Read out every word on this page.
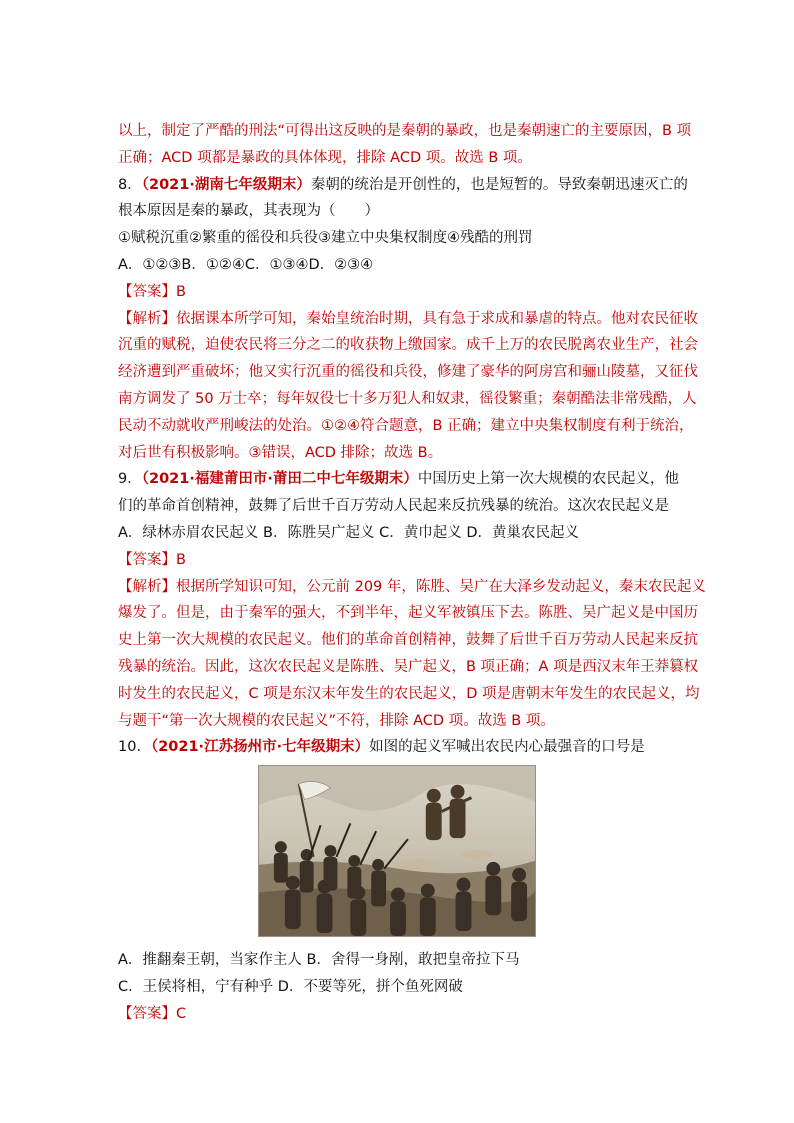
以上，制定了严酷的刑法“可得出这反映的是秦朝的暴政，也是秦朝速亡的主要原因，B 项
正确；ACD 项都是暴政的具体体现，排除 ACD 项。故选 B 项。
8．（2021·湖南七年级期末）秦朝的统治是开创性的，也是短暂的。导致秦朝迅速灭亡的
根本原因是秦的暴政，其表现为（　　）
①赋税沉重②繁重的徭役和兵役③建立中央集权制度④残酷的刑罚
A．①②③B．①②④C．①③④D．②③④
【答案】B
【解析】依据课本所学可知，秦始皇统治时期，具有急于求成和暴虐的特点。他对农民征收
沉重的赋税，迫使农民将三分之二的收获物上缴国家。成千上万的农民脱离农业生产，社会
经济遭到严重破坏；他又实行沉重的徭役和兵役，修建了豪华的阿房宫和骊山陵墓，又征伐
南方调发了 50 万士卒；每年奴役七十多万犯人和奴隶，徭役繁重；秦朝酷法非常残酷，人
民动不动就收严刑峻法的处治。①②④符合题意，B 正确；建立中央集权制度有利于统治，
对后世有积极影响。③错误，ACD 排除；故选 B。
9．（2021·福建莆田市·莆田二中七年级期末）中国历史上第一次大规模的农民起义，他
们的革命首创精神，鼓舞了后世千百万劳动人民起来反抗残暴的统治。这次农民起义是
A．绿林赤眉农民起义 B．陈胜吴广起义 C．黄巾起义 D．黄巢农民起义
【答案】B
【解析】根据所学知识可知，公元前 209 年，陈胜、吴广在大泽乡发动起义，秦末农民起义
爆发了。但是，由于秦军的强大，不到半年，起义军被镇压下去。陈胜、吴广起义是中国历
史上第一次大规模的农民起义。他们的革命首创精神，鼓舞了后世千百万劳动人民起来反抗
残暴的统治。因此，这次农民起义是陈胜、吴广起义，B 项正确；A 项是西汉末年王莽篡权
时发生的农民起义，C 项是东汉末年发生的农民起义，D 项是唐朝末年发生的农民起义，均
与题干“第一次大规模的农民起义”不符，排除 ACD 项。故选 B 项。
10．（2021·江苏扬州市·七年级期末）如图的起义军喊出农民内心最强音的口号是
A．推翻秦王朝，当家作主人 B．舍得一身剐，敢把皇帝拉下马
C．王侯将相，宁有种乎 D．不要等死，拼个鱼死网破
【答案】C
